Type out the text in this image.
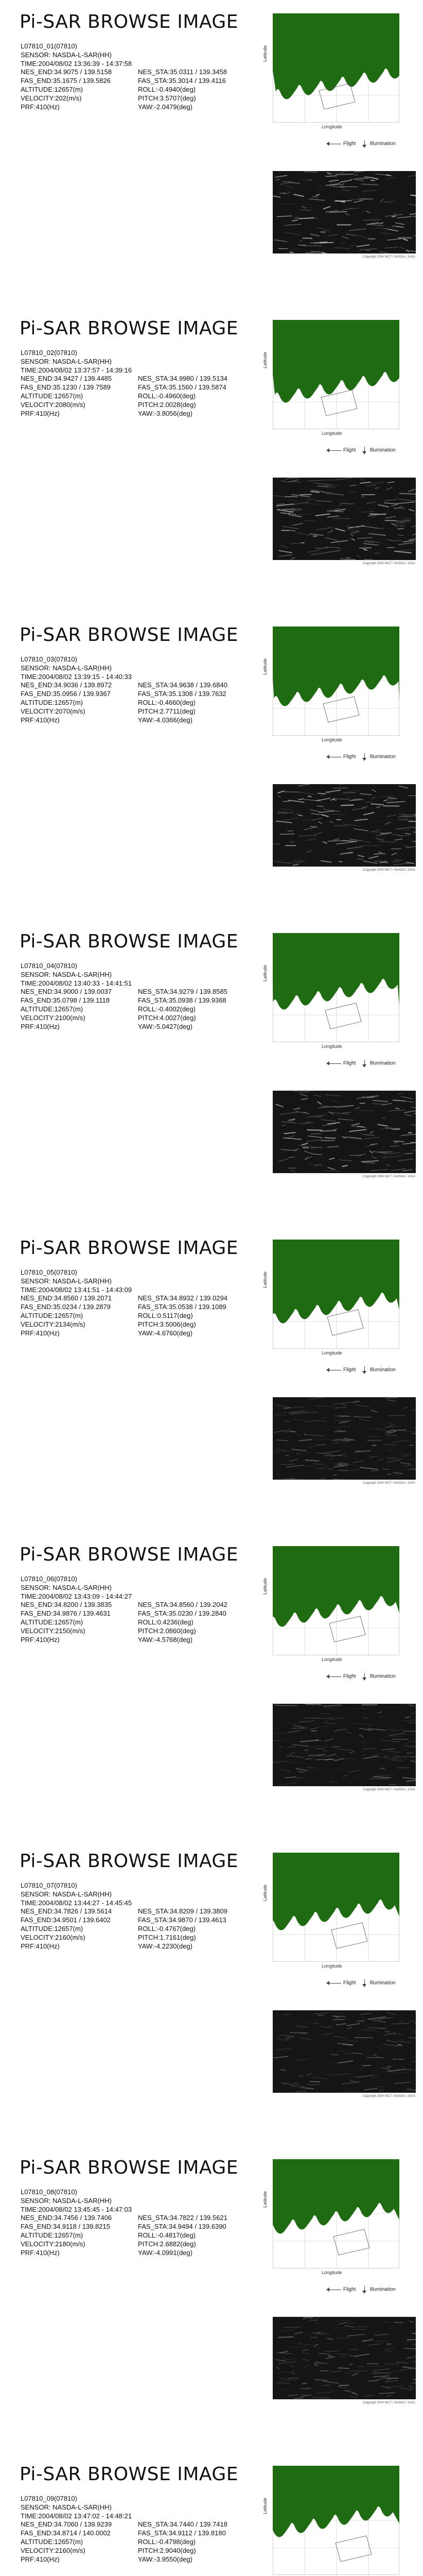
Pi-SAR BROWSE IMAGE
L07810_01(07810)
SENSOR: NASDA-L-SAR(HH)
TIME:2004/08/02 13:36:39 - 14:37:58
NES_END:34.9075 / 139.5158	NES_STA:35.0311 / 139.3458
FAS_END:35.1675 / 139.5826	FAS_STA:35.3014 / 139.4116
ALTITUDE:12657(m)	ROLL:-0.4940(deg)
VELOCITY:202(m/s)	PITCH:3.5707(deg)
PRF:410(Hz)	YAW:-2.0479(deg)
Latitude
Longitude
Flight	Illumination
Copyright 2004 NICT / NASDA / JAXA
Pi-SAR BROWSE IMAGE
L07810_02(07810)
SENSOR: NASDA-L-SAR(HH)
TIME:2004/08/02 13:37:57 - 14:39:16
NES_END:34.9427 / 139.4485	NES_STA:34.9980 / 139.5134
FAS_END:35.1230 / 139.7589	FAS_STA:35.1560 / 139.5874
ALTITUDE:12657(m)	ROLL:-0.4960(deg)
VELOCITY:2080(m/s)	PITCH:2.0028(deg)
PRF:410(Hz)	YAW:-3.8056(deg)
Latitude
Longitude
Flight	Illumination
Copyright 2004 NICT / NASDA / JAXA
Pi-SAR BROWSE IMAGE
L07810_03(07810)
SENSOR: NASDA-L-SAR(HH)
TIME:2004/08/02 13:39:15 - 14:40:33
NES_END:34.9036 / 139.8972	NES_STA:34.9638 / 139.6840
FAS_END:35.0956 / 139.9367	FAS_STA:35.1308 / 139.7632
ALTITUDE:12657(m)	ROLL:-0.4660(deg)
VELOCITY:2070(m/s)	PITCH:2.7711(deg)
PRF:410(Hz)	YAW:-4.0366(deg)
Latitude
Longitude
Flight	Illumination
Copyright 2004 NICT / NASDA / JAXA
Pi-SAR BROWSE IMAGE
L07810_04(07810)
SENSOR: NASDA-L-SAR(HH)
TIME:2004/08/02 13:40:33 - 14:41:51
NES_END:34.9000 / 139.0037	NES_STA:34.9279 / 139.8585
FAS_END:35.0798 / 139.1118	FAS_STA:35.0938 / 139.9368
ALTITUDE:12657(m)	ROLL:-0.4002(deg)
VELOCITY:2100(m/s)	PITCH:4.0027(deg)
PRF:410(Hz)	YAW:-5.0427(deg)
Latitude
Longitude
Flight	Illumination
Copyright 2004 NICT / NASDA / JAXA
Pi-SAR BROWSE IMAGE
L07810_05(07810)
SENSOR: NASDA-L-SAR(HH)
TIME:2004/08/02 13:41:51 - 14:43:09
NES_END:34.8560 / 139.2071	NES_STA:34.8932 / 139.0294
FAS_END:35.0234 / 139.2879	FAS_STA:35.0538 / 139.1089
ALTITUDE:12657(m)	ROLL:0.5117(deg)
VELOCITY:2134(m/s)	PITCH:3.5006(deg)
PRF:410(Hz)	YAW:-4.6760(deg)
Latitude
Longitude
Flight	Illumination
Copyright 2004 NICT / NASDA / JAXA
Pi-SAR BROWSE IMAGE
L07810_06(07810)
SENSOR: NASDA-L-SAR(HH)
TIME:2004/08/02 13:43:09 - 14:44:27
NES_END:34.8200 / 139.3835	NES_STA:34.8560 / 139.2042
FAS_END:34.9876 / 139.4631	FAS_STA:35.0230 / 139.2840
ALTITUDE:12657(m)	ROLL:0.4236(deg)
VELOCITY:2150(m/s)	PITCH:2.0860(deg)
PRF:410(Hz)	YAW:-4.5768(deg)
Latitude
Longitude
Flight	Illumination
Copyright 2004 NICT / NASDA / JAXA
Pi-SAR BROWSE IMAGE
L07810_07(07810)
SENSOR: NASDA-L-SAR(HH)
TIME:2004/08/02 13:44:27 - 14:45:45
NES_END:34.7826 / 139.5614	NES_STA:34.8209 / 139.3809
FAS_END:34.9501 / 139.6402	FAS_STA:34.9870 / 139.4613
ALTITUDE:12657(m)	ROLL:-0.4767(deg)
VELOCITY:2160(m/s)	PITCH:1.7161(deg)
PRF:410(Hz)	YAW:-4.2230(deg)
Latitude
Longitude
Flight	Illumination
Copyright 2004 NICT / NASDA / JAXA
Pi-SAR BROWSE IMAGE
L07810_08(07810)
SENSOR: NASDA-L-SAR(HH)
TIME:2004/08/02 13:45:45 - 14:47:03
NES_END:34.7456 / 139.7406	NES_STA:34.7822 / 139.5621
FAS_END:34.9118 / 139.8215	FAS_STA:34.9494 / 139.6390
ALTITUDE:12657(m)	ROLL:-0.4817(deg)
VELOCITY:2180(m/s)	PITCH:2.6882(deg)
PRF:410(Hz)	YAW:-4.0991(deg)
Latitude
Longitude
Flight	Illumination
Copyright 2004 NICT / NASDA / JAXA
Pi-SAR BROWSE IMAGE
L07810_09(07810)
SENSOR: NASDA-L-SAR(HH)
TIME:2004/08/02 13:47:02 - 14:48:21
NES_END:34.7060 / 139.9239	NES_STA:34.7440 / 139.7418
FAS_END:34.8714 / 140.0002	FAS_STA:34.9112 / 139.8180
ALTITUDE:12657(m)	ROLL:-0.4798(deg)
VELOCITY:2160(m/s)	PITCH:2.9040(deg)
PRF:410(Hz)	YAW:-3.9550(deg)
Latitude
